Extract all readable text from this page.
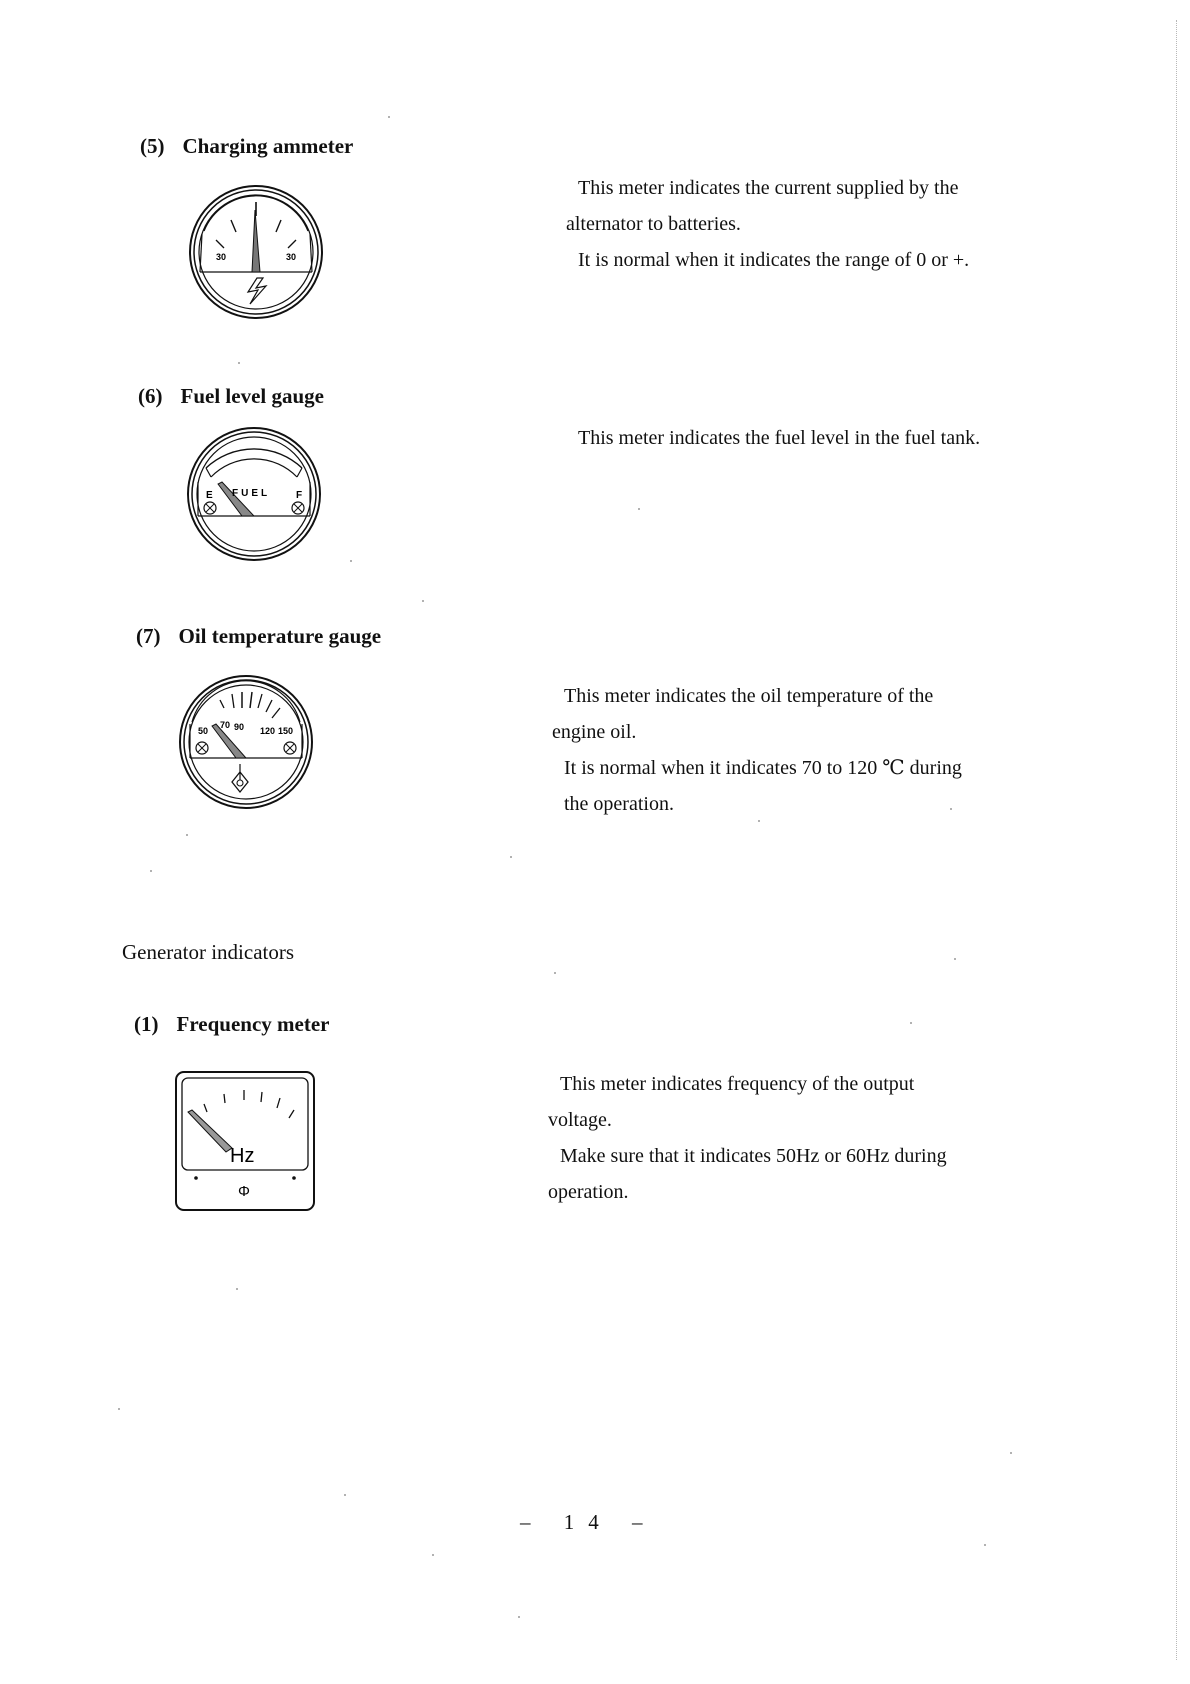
(5) Charging ammeter
30	30
This meter indicates the current supplied by the
alternator to batteries.
It is normal when it indicates the range of 0 or +.
(6) Fuel level gauge
E	F
FUEL
This meter indicates the fuel level in the fuel tank.
(7) Oil temperature gauge
50
70 90 120 150
This meter indicates the oil temperature of the
engine oil.
It is normal when it indicates 70 to 120 ℃ during
the operation.
Generator indicators
(1) Frequency meter
Hz
Φ
This meter indicates frequency of the output
voltage.
Make sure that it indicates 50Hz or 60Hz during
operation.
– 14 –
